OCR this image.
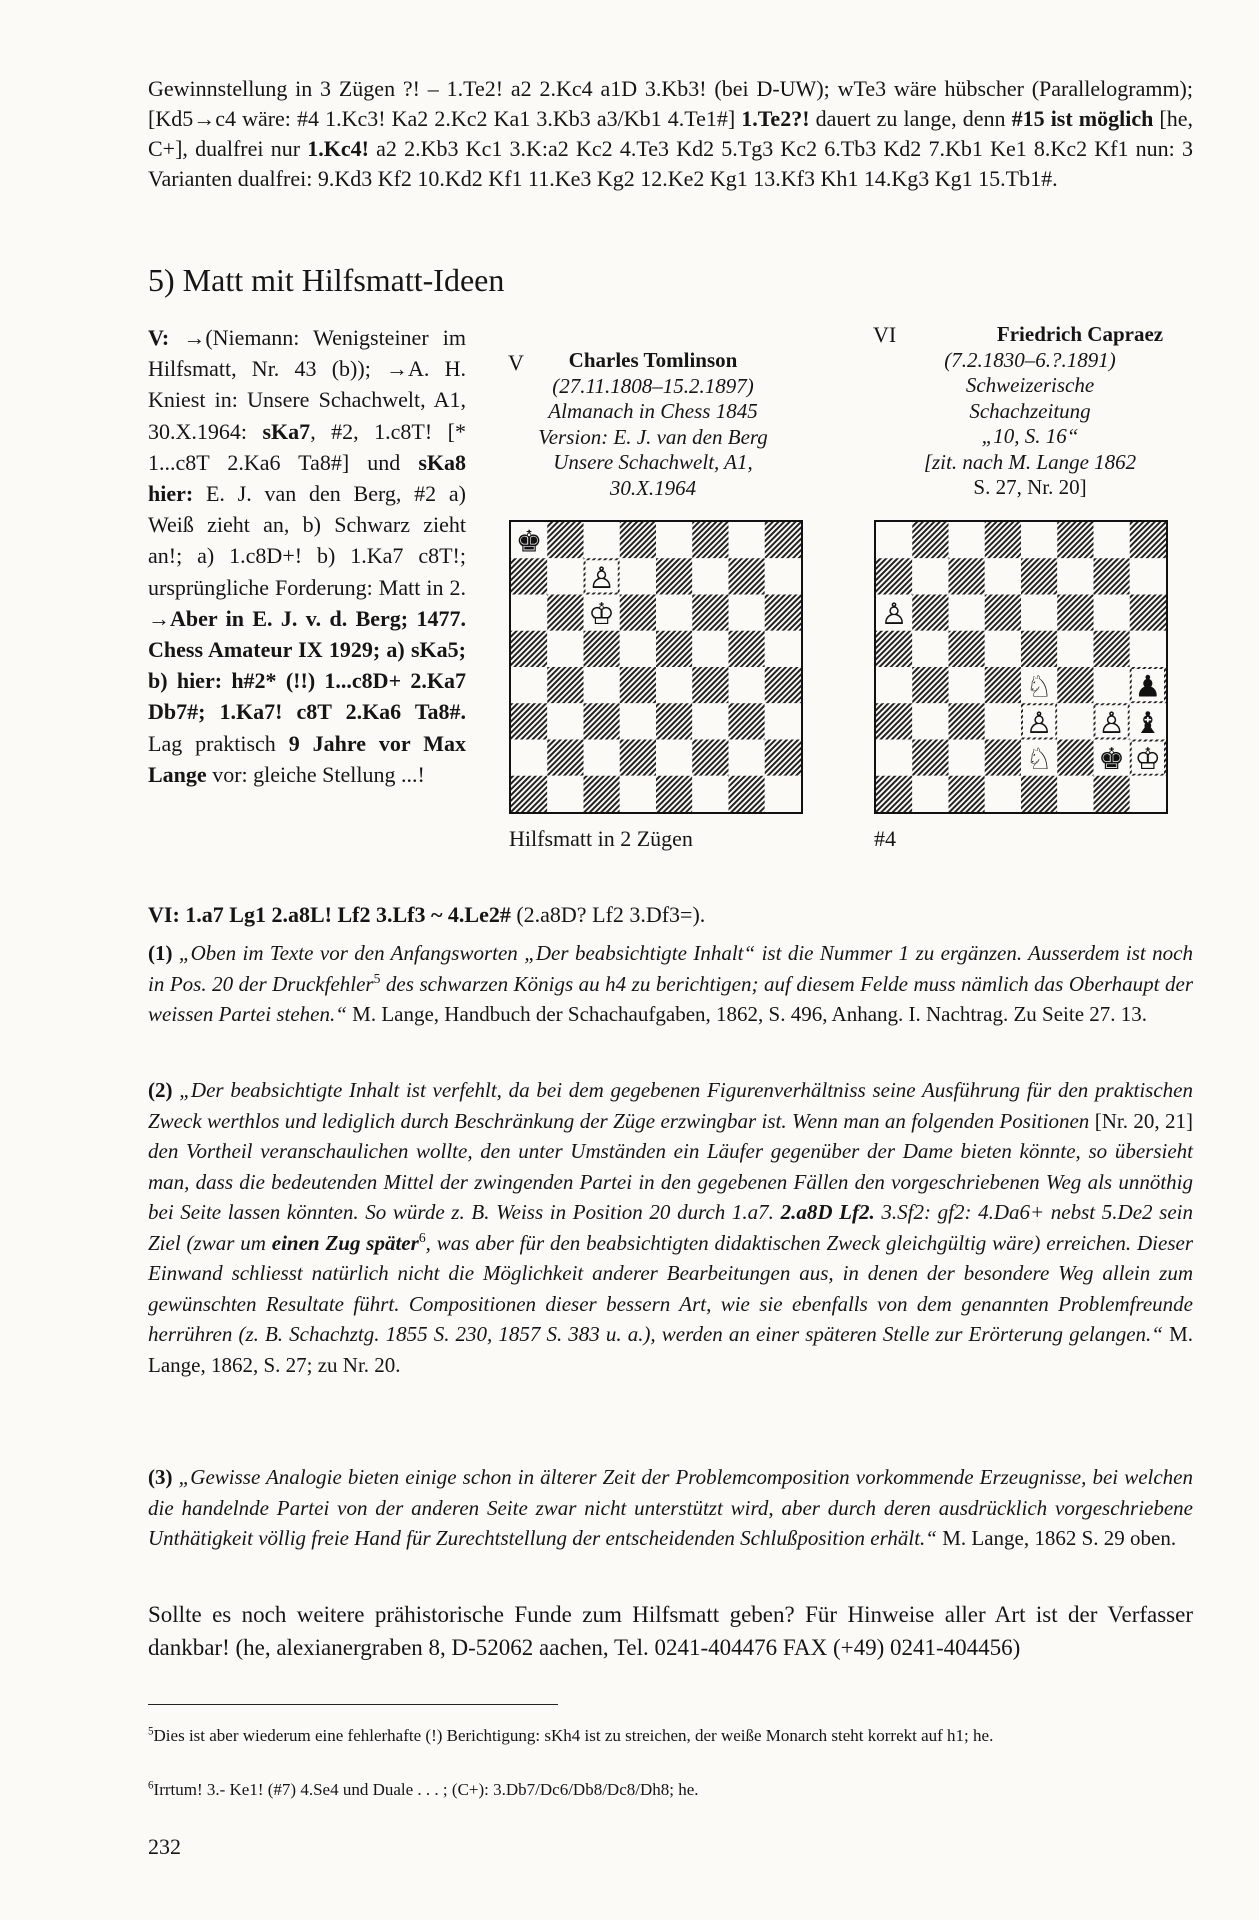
Gewinnstellung in 3 Zügen ?! – 1.Te2! a2 2.Kc4 a1D 3.Kb3! (bei D-UW); wTe3 wäre hübscher (Parallelogramm); [Kd5→c4 wäre: #4 1.Kc3! Ka2 2.Kc2 Ka1 3.Kb3 a3/Kb1 4.Te1#] 1.Te2?! dauert zu lange, denn #15 ist möglich [he, C+], dualfrei nur 1.Kc4! a2 2.Kb3 Kc1 3.K:a2 Kc2 4.Te3 Kd2 5.Tg3 Kc2 6.Tb3 Kd2 7.Kb1 Ke1 8.Kc2 Kf1 nun: 3 Varianten dualfrei: 9.Kd3 Kf2 10.Kd2 Kf1 11.Ke3 Kg2 12.Ke2 Kg1 13.Kf3 Kh1 14.Kg3 Kg1 15.Tb1#.

5) Matt mit Hilfsmatt-Ideen
V: →(Niemann: Wenigsteiner im Hilfsmatt, Nr. 43 (b)); →A. H. Kniest in: Unsere Schachwelt, A1, 30.X.1964: sKa7, #2, 1.c8T! [* 1...c8T 2.Ka6 Ta8#] und sKa8 hier: E. J. van den Berg, #2 a) Weiß zieht an, b) Schwarz zieht an!; a) 1.c8D+! b) 1.Ka7 c8T!; ursprüngliche Forderung: Matt in 2. →Aber in E. J. v. d. Berg; 1477. Chess Amateur IX 1929; a) sKa5; b) hier: h#2* (!!) 1...c8D+ 2.Ka7 Db7#; 1.Ka7! c8T 2.Ka6 Ta8#. Lag praktisch 9 Jahre vor Max Lange vor: gleiche Stellung ...!
Charles Tomlinson
(27.11.1808–15.2.1897)
Almanach in Chess 1845
Version: E. J. van den Berg
Unsere Schachwelt, A1,
30.X.1964
V
♚
♙
♔
Hilfsmatt in 2 Zügen
VI	Friedrich Capraez
(7.2.1830–6.?.1891)
Schweizerische
Schachzeitung
„10, S. 16“
[zit. nach M. Lange 1862
S. 27, Nr. 20]
♙
♘	♟
♙ ♙ ♝
♘ ♚ ♔
#4
VI: 1.a7 Lg1 2.a8L! Lf2 3.Lf3 ~ 4.Le2# (2.a8D? Lf2 3.Df3=).

(1) „Oben im Texte vor den Anfangsworten „Der beabsichtigte Inhalt“ ist die Nummer 1 zu ergänzen. Ausserdem ist noch in Pos. 20 der Druckfehler$^5$ des schwarzen Königs au h4 zu berichtigen; auf diesem Felde muss nämlich das Oberhaupt der weissen Partei stehen.“ M. Lange, Handbuch der Schachaufgaben, 1862, S. 496, Anhang. I. Nachtrag. Zu Seite 27. 13.

(2) „Der beabsichtigte Inhalt ist verfehlt, da bei dem gegebenen Figurenverhältniss seine Ausführung für den praktischen Zweck werthlos und lediglich durch Beschränkung der Züge erzwingbar ist. Wenn man an folgenden Positionen [Nr. 20, 21] den Vortheil veranschaulichen wollte, den unter Umständen ein Läufer gegenüber der Dame bieten könnte, so übersieht man, dass die bedeutenden Mittel der zwingenden Partei in den gegebenen Fällen den vorgeschriebenen Weg als unnöthig bei Seite lassen könnten. So würde z. B. Weiss in Position 20 durch 1.a7. 2.a8D Lf2. 3.Sf2: gf2: 4.Da6+ nebst 5.De2 sein Ziel (zwar um einen Zug später$^6$, was aber für den beabsichtigten didaktischen Zweck gleichgültig wäre) erreichen. Dieser Einwand schliesst natürlich nicht die Möglichkeit anderer Bearbeitungen aus, in denen der besondere Weg allein zum gewünschten Resultate führt. Compositionen dieser bessern Art, wie sie ebenfalls von dem genannten Problemfreunde herrühren (z. B. Schachztg. 1855 S. 230, 1857 S. 383 u. a.), werden an einer späteren Stelle zur Erörterung gelangen.“ M. Lange, 1862, S. 27; zu Nr. 20.

(3) „Gewisse Analogie bieten einige schon in älterer Zeit der Problemcomposition vorkommende Erzeugnisse, bei welchen die handelnde Partei von der anderen Seite zwar nicht unterstützt wird, aber durch deren ausdrücklich vorgeschriebene Unthätigkeit völlig freie Hand für Zurechtstellung der entscheidenden Schlußposition erhält.“ M. Lange, 1862 S. 29 oben.

Sollte es noch weitere prähistorische Funde zum Hilfsmatt geben? Für Hinweise aller Art ist der Verfasser dankbar! (he, alexianergraben 8, D-52062 aachen, Tel. 0241-404476 FAX (+49) 0241-404456)

$^5$Dies ist aber wiederum eine fehlerhafte (!) Berichtigung: sKh4 ist zu streichen, der weiße Monarch steht korrekt auf h1; he.

$^6$Irrtum! 3.- Ke1! (#7) 4.Se4 und Duale . . . ; (C+): 3.Db7/Dc6/Db8/Dc8/Dh8; he.

232
